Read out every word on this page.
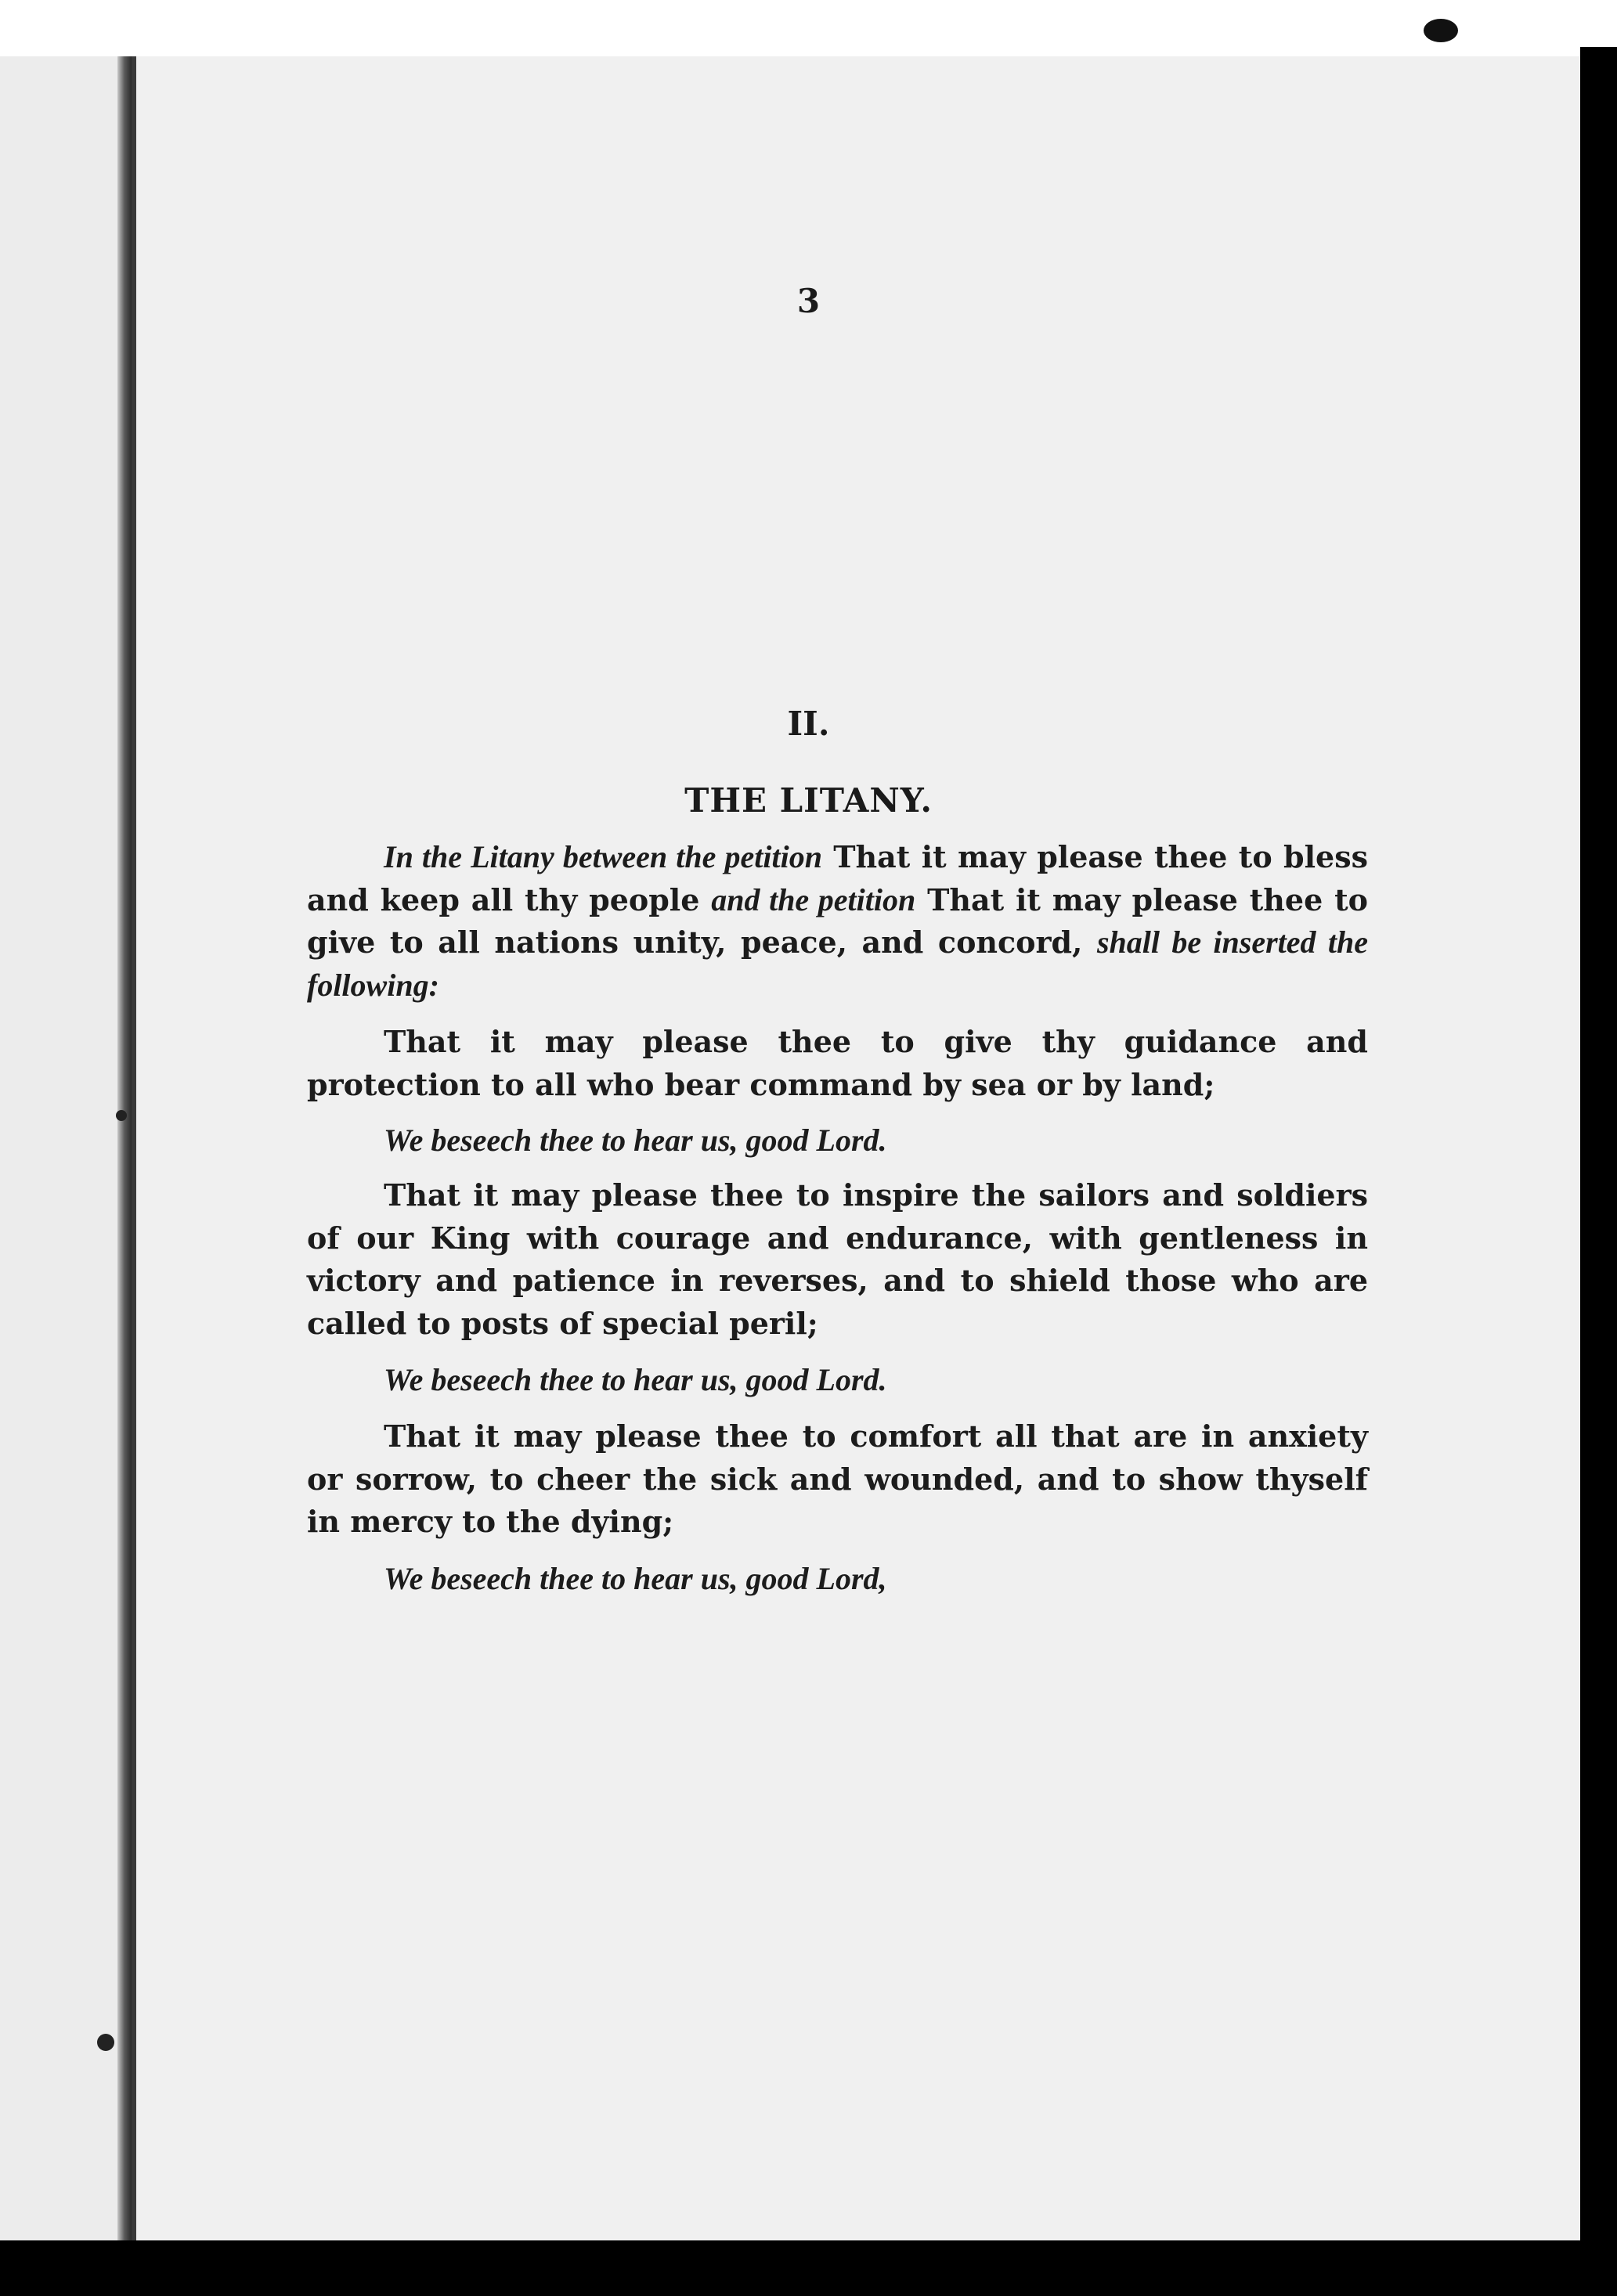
3
II.
THE LITANY.

In the Litany between the petition That it may please thee to bless and keep all thy people and the petition That it may please thee to give to all nations unity, peace, and concord, shall be inserted the following:

That it may please thee to give thy guidance and protection to all who bear command by sea or by land;

We beseech thee to hear us, good Lord.

That it may please thee to inspire the sailors and soldiers of our King with courage and endurance, with gentleness in victory and patience in reverses, and to shield those who are called to posts of special peril;

We beseech thee to hear us, good Lord.

That it may please thee to comfort all that are in anxiety or sorrow, to cheer the sick and wounded, and to show thyself in mercy to the dying;

We beseech thee to hear us, good Lord,
